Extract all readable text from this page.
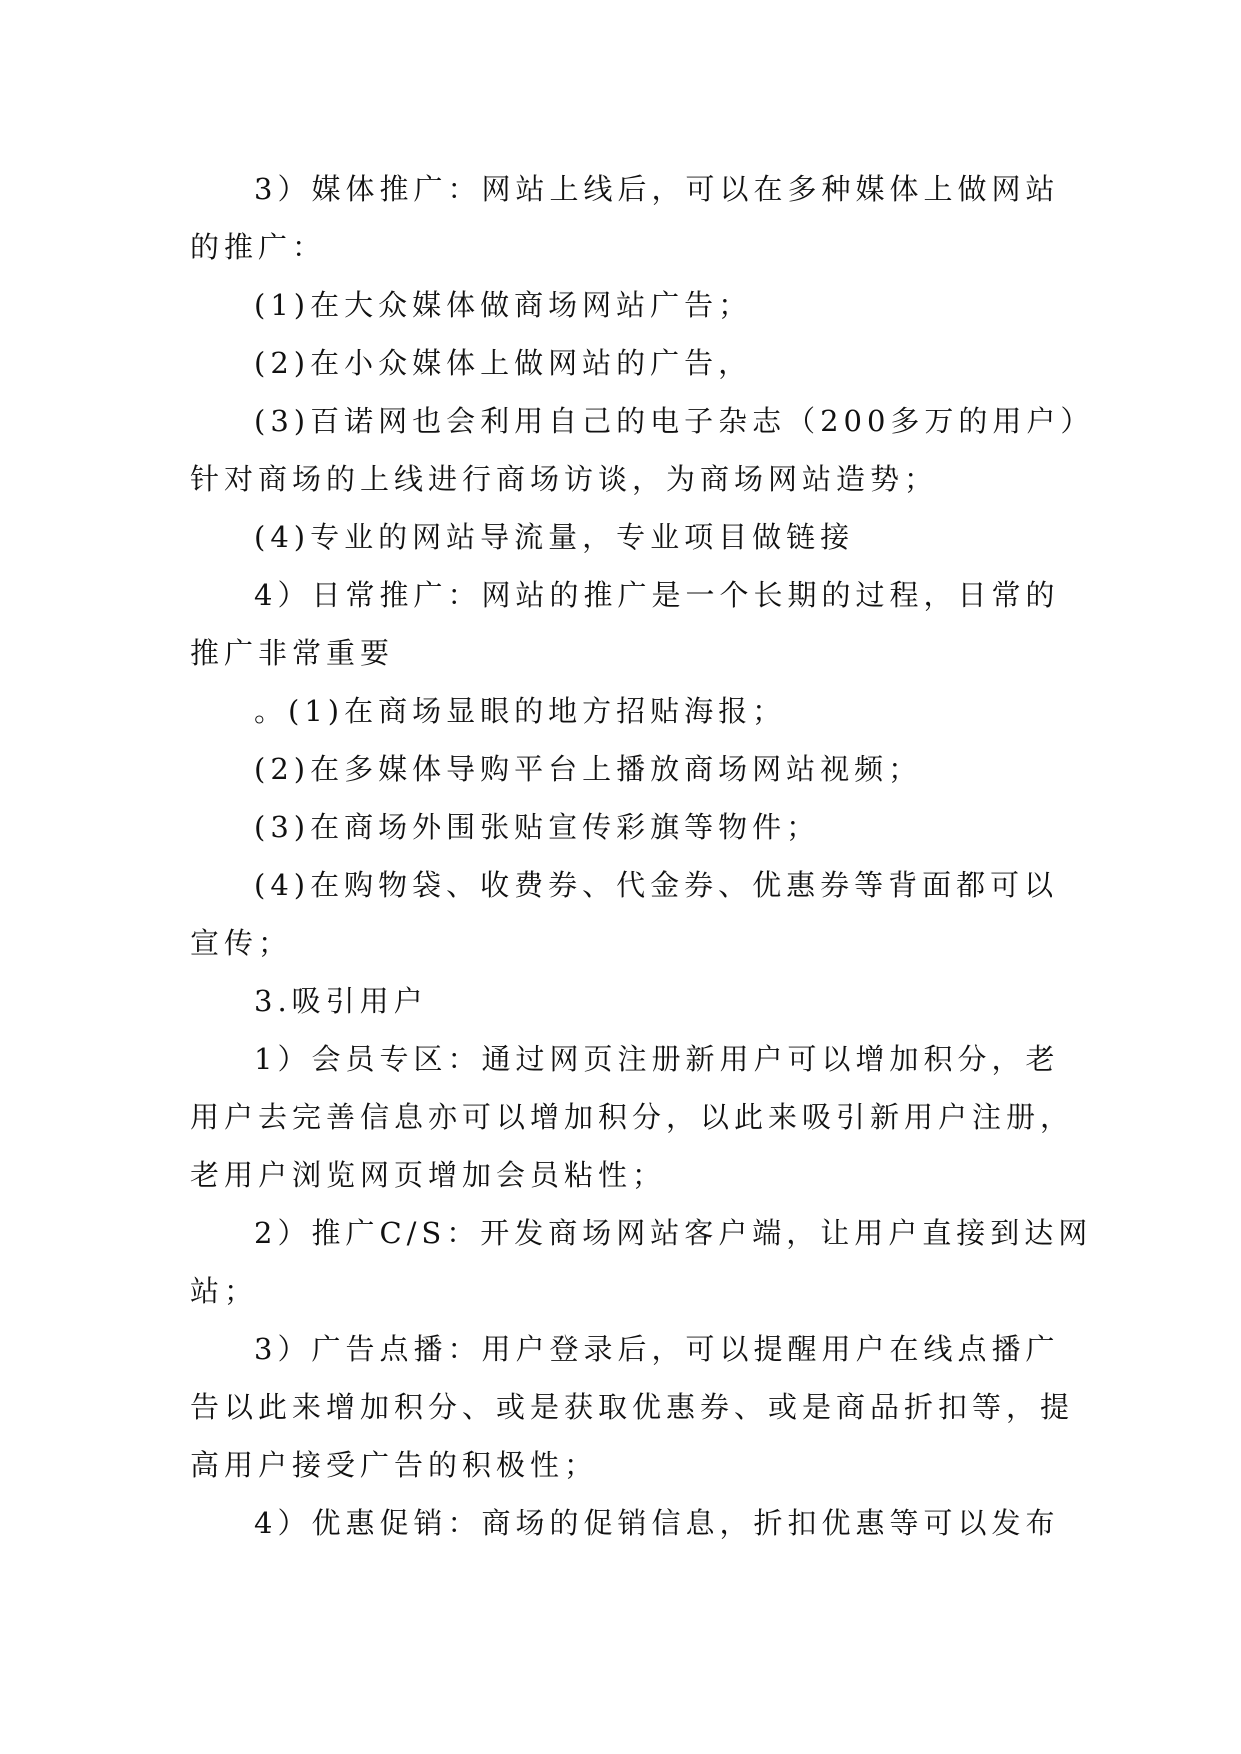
3）媒体推广：网站上线后，可以在多种媒体上做网站
的推广：
(1)在大众媒体做商场网站广告；
(2)在小众媒体上做网站的广告，
(3)百诺网也会利用自己的电子杂志（200多万的用户）
针对商场的上线进行商场访谈，为商场网站造势；
(4)专业的网站导流量，专业项目做链接
4）日常推广：网站的推广是一个长期的过程，日常的
推广非常重要
。(1)在商场显眼的地方招贴海报；
(2)在多媒体导购平台上播放商场网站视频；
(3)在商场外围张贴宣传彩旗等物件；
(4)在购物袋、收费券、代金券、优惠券等背面都可以
宣传；
3.吸引用户
1）会员专区：通过网页注册新用户可以增加积分，老
用户去完善信息亦可以增加积分，以此来吸引新用户注册，
老用户浏览网页增加会员粘性；
2）推广C/S：开发商场网站客户端，让用户直接到达网
站；
3）广告点播：用户登录后，可以提醒用户在线点播广
告以此来增加积分、或是获取优惠券、或是商品折扣等，提
高用户接受广告的积极性；
4）优惠促销：商场的促销信息，折扣优惠等可以发布
